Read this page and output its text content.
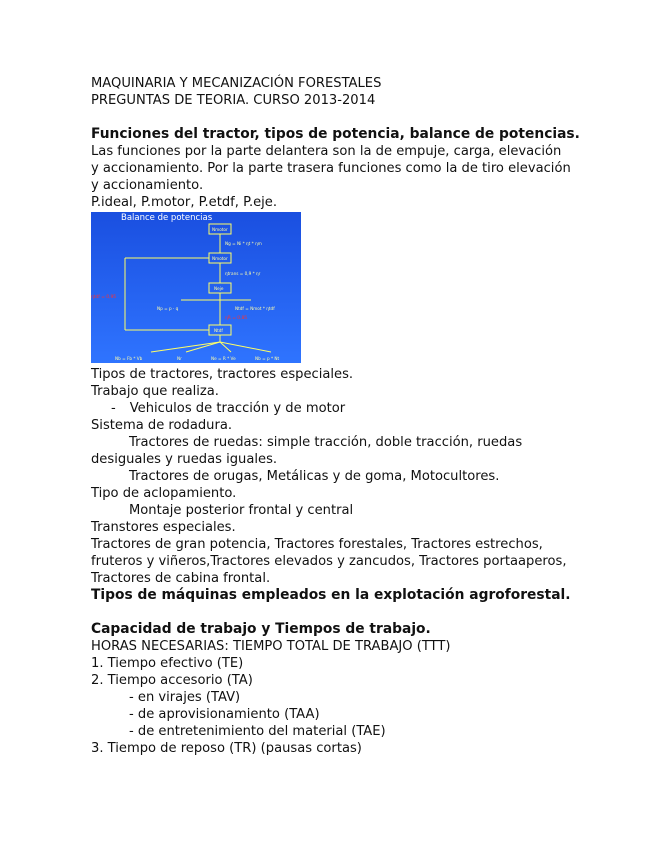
MAQUINARIA Y MECANIZACIÓN FORESTALES
PREGUNTAS DE TEORIA. CURSO 2013-2014
Funciones del tractor, tipos de potencia, balance de potencias.
Las funciones por la parte delantera son la de empuje, carga, elevación
y accionamiento. Por la parte trasera funciones como la de tiro elevación
y accionamiento.
P.ideal, P.motor, P.etdf, P.eje.
Balance de potencias
Nmotor
Nmotor
Neje
Ntdf
Ng = Ni * ηt * ηm
ηtrans = 0,9 * ηr
Np = p · q	Ntdf = Nmot * ηtdf
Nb = Fb * Vb	Nr	Ne = R * Ve	Nb = p * Nt
ηtdf = 0,95
ηR = 0,85
Tipos de tractores, tractores especiales.
Trabajo que realiza.
- Vehiculos de tracción y de motor
Sistema de rodadura.
Tractores de ruedas: simple tracción, doble tracción, ruedas
desiguales y ruedas iguales.
Tractores de orugas, Metálicas y de goma, Motocultores.
Tipo de aclopamiento.
Montaje posterior frontal y central
Transtores especiales.
Tractores de gran potencia, Tractores forestales, Tractores estrechos,
fruteros y viñeros,Tractores elevados y zancudos, Tractores portaaperos,
Tractores de cabina frontal.
Tipos de máquinas empleados en la explotación agroforestal.
Capacidad de trabajo y Tiempos de trabajo.
HORAS NECESARIAS: TIEMPO TOTAL DE TRABAJO (TTT)
1. Tiempo efectivo (TE)
2. Tiempo accesorio (TA)
- en virajes (TAV)
- de aprovisionamiento (TAA)
- de entretenimiento del material (TAE)
3. Tiempo de reposo (TR) (pausas cortas)
